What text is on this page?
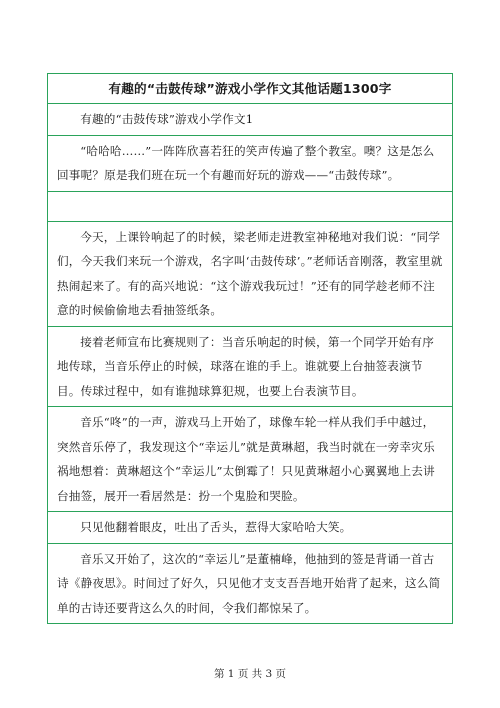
有趣的“击鼓传球”游戏小学作文其他话题1300字
有趣的“击鼓传球”游戏小学作文1
“哈哈哈……”一阵阵欣喜若狂的笑声传遍了整个教室。噢？这是怎么回事呢？原是我们班在玩一个有趣而好玩的游戏——“击鼓传球”。
今天，上课铃响起了的时候，梁老师走进教室神秘地对我们说：“同学们，今天我们来玩一个游戏，名字叫‘击鼓传球’。”老师话音刚落，教室里就热闹起来了。有的高兴地说：“这个游戏我玩过！”还有的同学趁老师不注意的时候偷偷地去看抽签纸条。
接着老师宣布比赛规则了：当音乐响起的时候，第一个同学开始有序地传球，当音乐停止的时候，球落在谁的手上。谁就要上台抽签表演节目。传球过程中，如有谁抛球算犯规，也要上台表演节目。
音乐“咚”的一声，游戏马上开始了，球像车轮一样从我们手中越过，突然音乐停了，我发现这个“幸运儿”就是黄琳超，我当时就在一旁幸灾乐祸地想着：黄琳超这个“幸运儿”太倒霉了！只见黄琳超小心翼翼地上去讲台抽签，展开一看居然是：扮一个鬼脸和哭脸。
只见他翻着眼皮，吐出了舌头，惹得大家哈哈大笑。
音乐又开始了，这次的“幸运儿”是董楠峰，他抽到的签是背诵一首古诗《静夜思》。时间过了好久，只见他才支支吾吾地开始背了起来，这么简单的古诗还要背这么久的时间，令我们都惊呆了。
第 1 页 共 3 页
